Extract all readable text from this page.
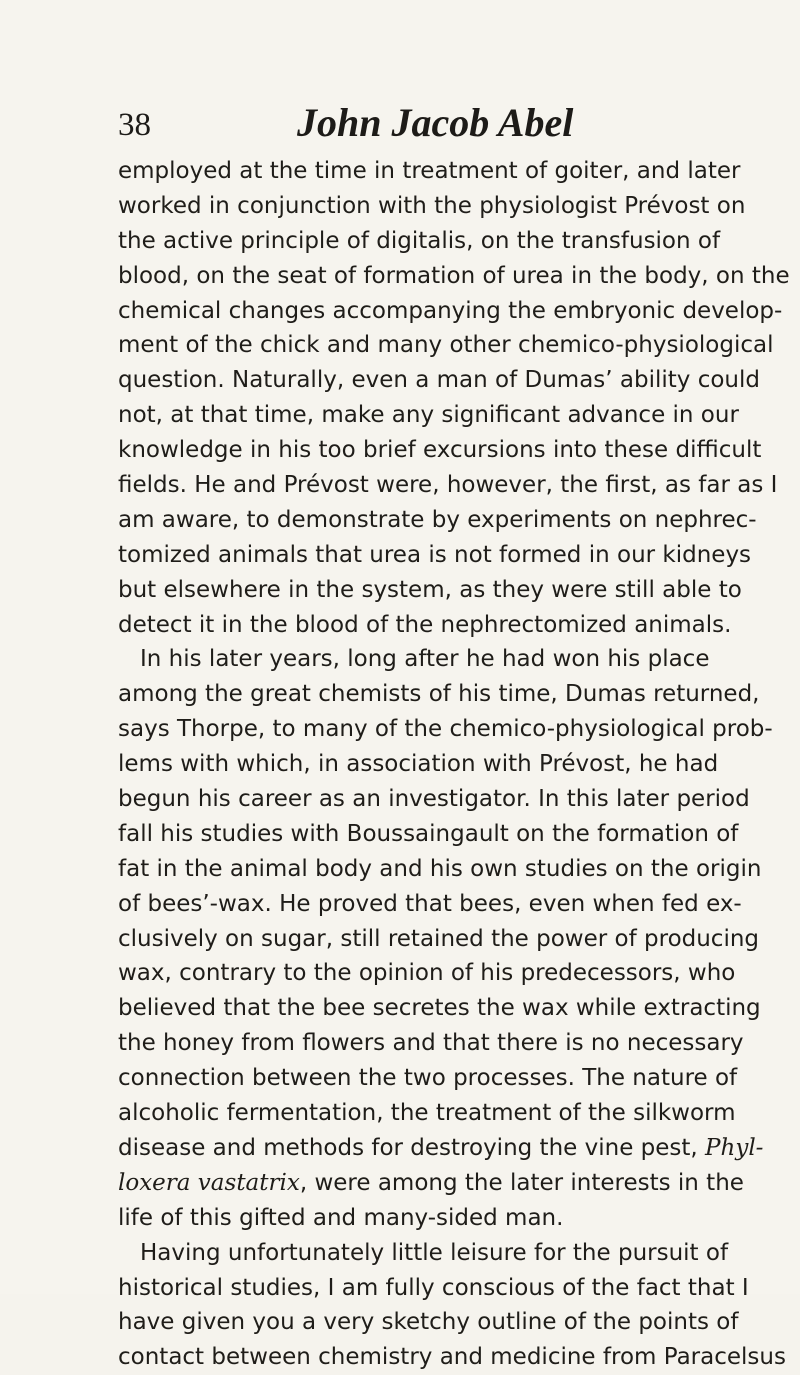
38	John Jacob Abel
employed at the time in treatment of goiter, and later
worked in conjunction with the physiologist Prévost on
the active principle of digitalis, on the transfusion of
blood, on the seat of formation of urea in the body, on the
chemical changes accompanying the embryonic develop-
ment of the chick and many other chemico-physiological
question. Naturally, even a man of Dumas’ ability could
not, at that time, make any significant advance in our
knowledge in his too brief excursions into these difficult
fields. He and Prévost were, however, the first, as far as I
am aware, to demonstrate by experiments on nephrec-
tomized animals that urea is not formed in our kidneys
but elsewhere in the system, as they were still able to
detect it in the blood of the nephrectomized animals.
In his later years, long after he had won his place
among the great chemists of his time, Dumas returned,
says Thorpe, to many of the chemico-physiological prob-
lems with which, in association with Prévost, he had
begun his career as an investigator. In this later period
fall his studies with Boussaingault on the formation of
fat in the animal body and his own studies on the origin
of bees’-wax. He proved that bees, even when fed ex-
clusively on sugar, still retained the power of producing
wax, contrary to the opinion of his predecessors, who
believed that the bee secretes the wax while extracting
the honey from flowers and that there is no necessary
connection between the two processes. The nature of
alcoholic fermentation, the treatment of the silkworm
disease and methods for destroying the vine pest, Phyl-
loxera vastatrix, were among the later interests in the
life of this gifted and many-sided man.
Having unfortunately little leisure for the pursuit of
historical studies, I am fully conscious of the fact that I
have given you a very sketchy outline of the points of
contact between chemistry and medicine from Paracelsus
